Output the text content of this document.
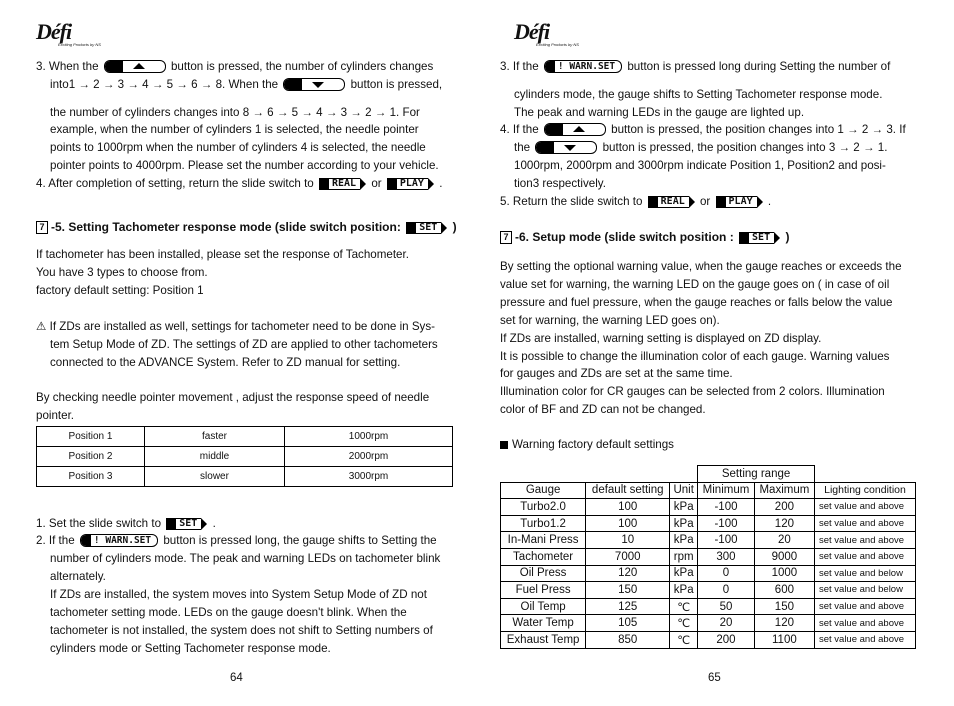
Défi
Exciting Products by NS
3. When the	button is pressed, the number of cylinders changes
into1 → 2 → 3 → 4 → 5 → 6 → 8. When the	button is pressed,
the number of cylinders changes into 8 → 6 → 5 → 4 → 3 → 2 → 1. For
example, when the number of cylinders 1 is selected, the needle pointer
points to 1000rpm when the number of cylinders 4 is selected, the needle
pointer points to 4000rpm. Please set the number according to your vehicle.
4. After completion of setting, return the slide switch to REAL or PLAY .
7 -5. Setting Tachometer response mode (slide switch position: SET )
If tachometer has been installed, please set the response of Tachometer.
You have 3 types to choose from.
factory default setting: Position 1
⚠ If ZDs are installed as well, settings for tachometer need to be done in Sys-
tem Setup Mode of ZD. The settings of ZD are applied to other tachometers
connected to the ADVANCE System. Refer to ZD manual for setting.
By checking needle pointer movement , adjust the response speed of needle
pointer.
Position 1	faster	1000rpm
Position 2	middle	2000rpm
Position 3	slower	3000rpm
1. Set the slide switch to SET .
2. If the ! WARN.SET button is pressed long, the gauge shifts to Setting the
number of cylinders mode. The peak and warning LEDs on tachometer blink
alternately.
If ZDs are installed, the system moves into System Setup Mode of ZD not
tachometer setting mode. LEDs on the gauge doesn't blink. When the
tachometer is not installed, the system does not shift to Setting numbers of
cylinders mode or Setting Tachometer response mode.
64
Défi
Exciting Products by NS
3. If the ! WARN.SET button is pressed long during Setting the number of
cylinders mode, the gauge shifts to Setting Tachometer response mode.
The peak and warning LEDs in the gauge are lighted up.
4. If the	button is pressed, the position changes into 1 → 2 → 3. If
the	button is pressed, the position changes into 3 → 2 → 1.
1000rpm, 2000rpm and 3000rpm indicate Position 1, Position2 and posi-
tion3 respectively.
5. Return the slide switch to REAL or PLAY .
7 -6. Setup mode (slide switch position : SET )
By setting the optional warning value, when the gauge reaches or exceeds the
value set for warning, the warning LED on the gauge goes on ( in case of oil
pressure and fuel pressure, when the gauge reaches or falls below the value
set for warning, the warning LED goes on).
If ZDs are installed, warning setting is displayed on ZD display.
It is possible to change the illumination color of each gauge. Warning values
for gauges and ZDs are set at the same time.
Illumination color for CR gauges can be selected from 2 colors. Illumination
color of BF and ZD can not be changed.
Warning factory default settings
			Setting range		
Gauge	default setting	Unit	Minimum	Maximum	Lighting condition
Turbo2.0	100	kPa	-100	200	set value and above
Turbo1.2	100	kPa	-100	120	set value and above
In-Mani Press	10	kPa	-100	20	set value and above
Tachometer	7000	rpm	300	9000	set value and above
Oil Press	120	kPa	0	1000	set value and below
Fuel Press	150	kPa	0	600	set value and below
Oil Temp	125	℃	50	150	set value and above
Water Temp	105	℃	20	120	set value and above
Exhaust Temp	850	℃	200	1100	set value and above
65
